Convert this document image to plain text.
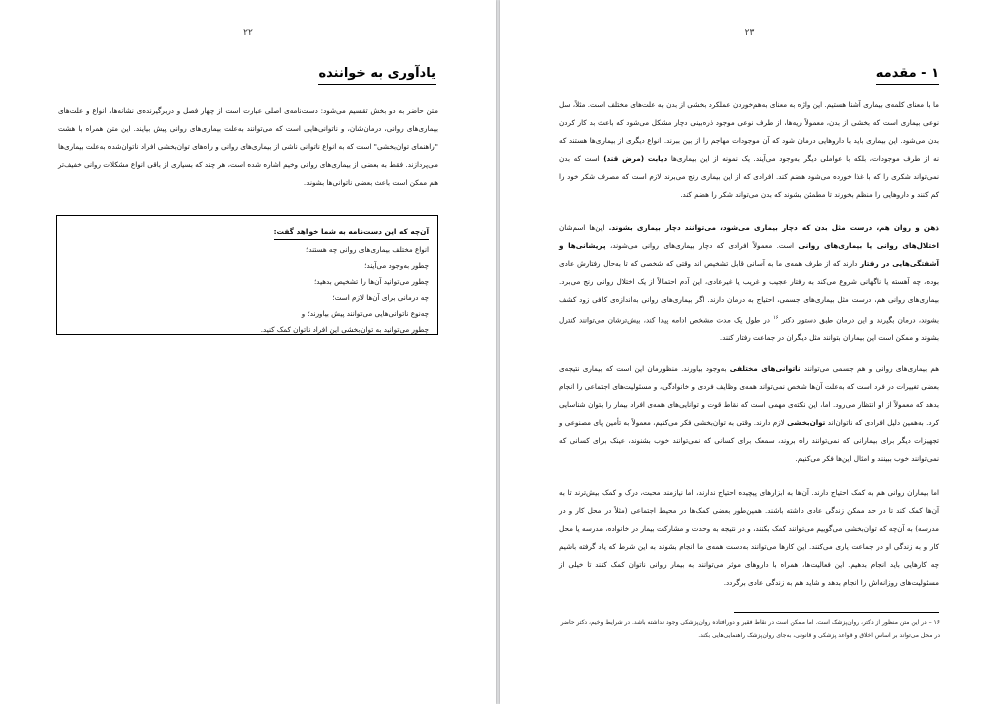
۲۲
یادآوری به خواننده

متن حاضر به دو بخش تقسیم می‌شود: دست‌نامه‌ی اصلی عبارت است از چهار فصل و دربرگیرنده‌ی نشانه‌ها، انواع و علت‌های بیماری‌های روانی، درمان‌شان، و ناتوانی‌هایی است که می‌توانند به‌علت بیماری‌های روانی پیش بیایند. این متن همراه با هشت "راهنمای توان‌بخشی" است که به انواع ناتوانی ناشی از بیماری‌های روانی و راه‌های توان‌بخشی افراد ناتوان‌شده به‌علت بیماری‌ها می‌پردازند. فقط به بعضی از بیماری‌های روانی وخیم اشاره شده است، هر چند که بسیاری از باقی انواع مشکلات روانی خفیف‌تر هم ممکن است باعث بعضی ناتوانی‌ها بشوند.

آن‌چه که این دست‌نامه به شما خواهد گفت:
انواع مختلف بیماری‌های روانی چه هستند؛
چطور به‌وجود می‌آیند؛
چطور می‌توانید آن‌ها را تشخیص بدهید؛
چه درمانی برای آن‌ها لازم است؛
چه‌نوع ناتوانی‌هایی می‌توانند پیش بیاورند؛ و
چطور می‌توانید به توان‌بخشی این افراد ناتوان کمک کنید.
۲۳
۱ - مقدمه

ما با معنای کلمه‌ی بیماری آشنا هستیم. این واژه به معنای به‌هم‌خوردن عملکرد بخشی از بدن به علت‌های مختلف است. مثلاً، سل نوعی بیماری است که بخشی از بدن، معمولاً ریه‌ها، از طرف نوعی موجود ذره‌بینی دچار مشکل می‌شود که باعث بد کار کردن بدن می‌شود. این بیماری باید با داروهایی درمان شود که آن موجودات مهاجم را از بین ببرند. انواع دیگری از بیماری‌ها هستند که نه از طرف موجودات، بلکه با عواملی دیگر به‌وجود می‌آیند. یک نمونه از این بیماری‌ها دیابت (مرض قند) است که بدن نمی‌تواند شکری را که با غذا خورده می‌شود هضم کند. افرادی که از این بیماری رنج می‌برند لازم است که مصرف شکر خود را کم کنند و داروهایی را منظم بخورند تا مطمئن بشوند که بدن می‌تواند شکر را هضم کند.

ذهن و روان هم، درست مثل بدن که دچار بیماری می‌شود، می‌توانند دچار بیماری بشوند. این‌ها اسم‌شان اختلال‌های روانی یا بیماری‌های روانی است. معمولاً افرادی که دچار بیماری‌های روانی می‌شوند، پریشانی‌ها و آشفتگی‌هایی در رفتار دارند که از طرف همه‌ی ما به آسانی قابل تشخیص اند وقتی که شخصی که تا به‌حال رفتارش عادی بوده، چه آهسته یا ناگهانی شروع می‌کند به رفتار عجیب و غریب یا غیرعادی، این آدم احتمالاً از یک اختلال روانی رنج می‌برد. بیماری‌های روانی هم، درست مثل بیماری‌های جسمی، احتیاج به درمان دارند. اگر بیماری‌های روانی به‌اندازه‌ی کافی زود کشف بشوند، درمان بگیرند و این درمان طبق دستور دکتر $^{۱۶}$ در طول یک مدت مشخص ادامه پیدا کند، بیش‌ترشان می‌توانند کنترل بشوند و ممکن است این بیماران بتوانند مثل دیگران در جماعت رفتار کنند.

هم بیماری‌های روانی و هم جسمی می‌توانند ناتوانی‌های مختلفی به‌وجود بیاورند. منظورمان این است که بیماری نتیجه‌ی بعضی تغییرات در فرد است که به‌علت آن‌ها شخص نمی‌تواند همه‌ی وظایف فردی و خانوادگی، و مسئولیت‌های اجتماعی را انجام بدهد که معمولاً از او انتظار می‌رود. اما، این نکته‌ی مهمی است که نقاط قوت و توانایی‌های همه‌ی افراد بیمار را بتوان شناسایی کرد. به‌همین دلیل افرادی که ناتوان‌اند توان‌بخشی لازم دارند. وقتی به توان‌بخشی فکر می‌کنیم، معمولاً به تأمین پای مصنوعی و تجهیزات دیگر برای بیمارانی که نمی‌توانند راه بروند، سمعک برای کسانی که نمی‌توانند خوب بشنوند، عینک برای کسانی که نمی‌توانند خوب ببینند و امثال این‌ها فکر می‌کنیم.

اما بیماران روانی هم به کمک احتیاج دارند. آن‌ها به ابزارهای پیچیده احتیاج ندارند، اما نیازمند محبت، درک و کمک بیش‌ترند تا به آن‌ها کمک کند تا در حد ممکن زندگی عادی داشته باشند. همین‌طور بعضی کمک‌ها در محیط اجتماعی (مثلاً در محل کار و در مدرسه) به آن‌چه که توان‌بخشی می‌گوییم می‌توانند کمک بکنند، و در نتیجه به وحدت و مشارکت بیمار در خانواده، مدرسه یا محل کار و به زندگی او در جماعت یاری می‌کنند. این کارها می‌توانند به‌دست همه‌ی ما انجام بشوند به این شرط که یاد گرفته باشیم چه کارهایی باید انجام بدهیم. این فعالیت‌ها، همراه با داروهای موثر می‌توانند به بیمار روانی ناتوان کمک کنند تا خیلی از مسئولیت‌های روزانه‌اش را انجام بدهد و شاید هم به زندگی عادی برگردد.

۱۶ – در این متن منظور از دکتر، روان‌پزشک است. اما ممکن است در نقاط فقیر و دورافتاده روان‌پزشکی وجود نداشته باشد. در شرایط وخیم، دکتر حاضر در محل می‌تواند بر اساس اخلاق و قواعد پزشکی و قانونی، به‌جای روان‌پزشک راهنمایی‌هایی بکند.
